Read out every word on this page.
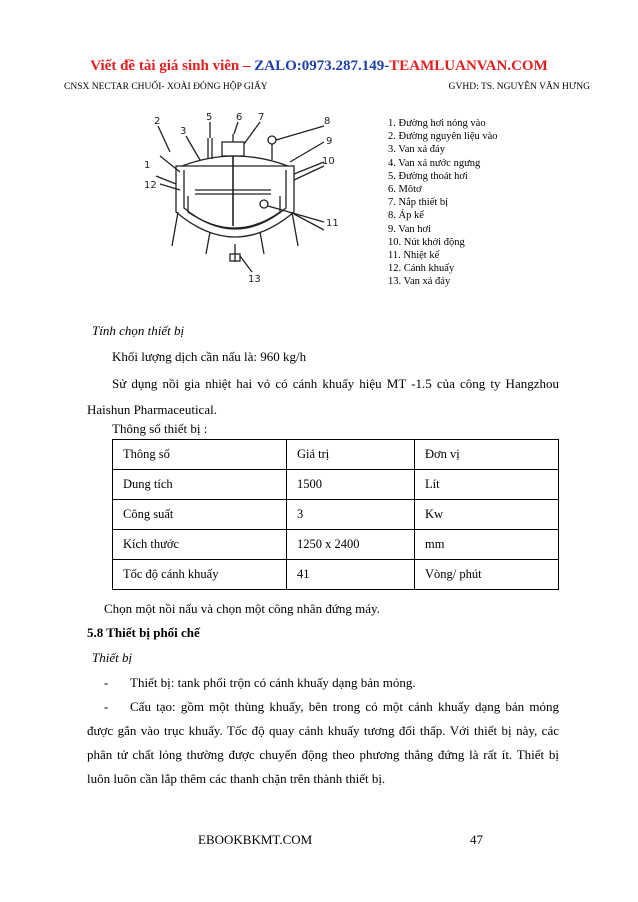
Viết đề tài giá sinh viên – ZALO:0973.287.149-TEAMLUANVAN.COM
CNSX NECTAR CHUỐI- XOÀI ĐÓNG HỘP GIẤY	GVHD: TS. NGUYỄN VĂN HƯNG
2
3
5 6 7	8
9
10
11
12
13
1
1. Đường hơi nóng vào
2. Đường nguyên liệu vào
3. Van xả đáy
4. Van xả nước ngưng
5. Đường thoát hơi
6. Môtơ
7. Nắp thiết bị
8. Áp kế
9. Van hơi
10. Nút khởi động
11. Nhiệt kế
12. Cánh khuấy
13. Van xả đáy
Tính chọn thiết bị
Khối lượng dịch cần nấu là: 960 kg/h
Sử dụng nồi gia nhiệt hai vỏ có cánh khuấy hiệu MT -1.5 của công ty Hangzhou
Haishun Pharmaceutical.
Thông số thiết bị :
Thông số	Giá trị	Đơn vị
Dung tích	1500	Lít
Công suất	3	Kw
Kích thước	1250 x 2400	mm
Tốc độ cánh khuấy	41	Vòng/ phút
Chọn một nồi nấu và chọn một công nhân đứng máy.
5.8 Thiết bị phối chế
Thiết bị
- Thiết bị: tank phối trộn có cánh khuấy dạng bản mỏng.
- Cấu tạo: gồm một thùng khuấy, bên trong có một cánh khuấy dạng bản mỏng
được gắn vào trục khuấy. Tốc độ quay cánh khuấy tương đối thấp. Với thiết bị này, các
phân tử chất lỏng thường được chuyển động theo phương thẳng đứng là rất ít. Thiết bị
luôn luôn cần lắp thêm các thanh chặn trên thành thiết bị.
EBOOKBKMT.COM	47
